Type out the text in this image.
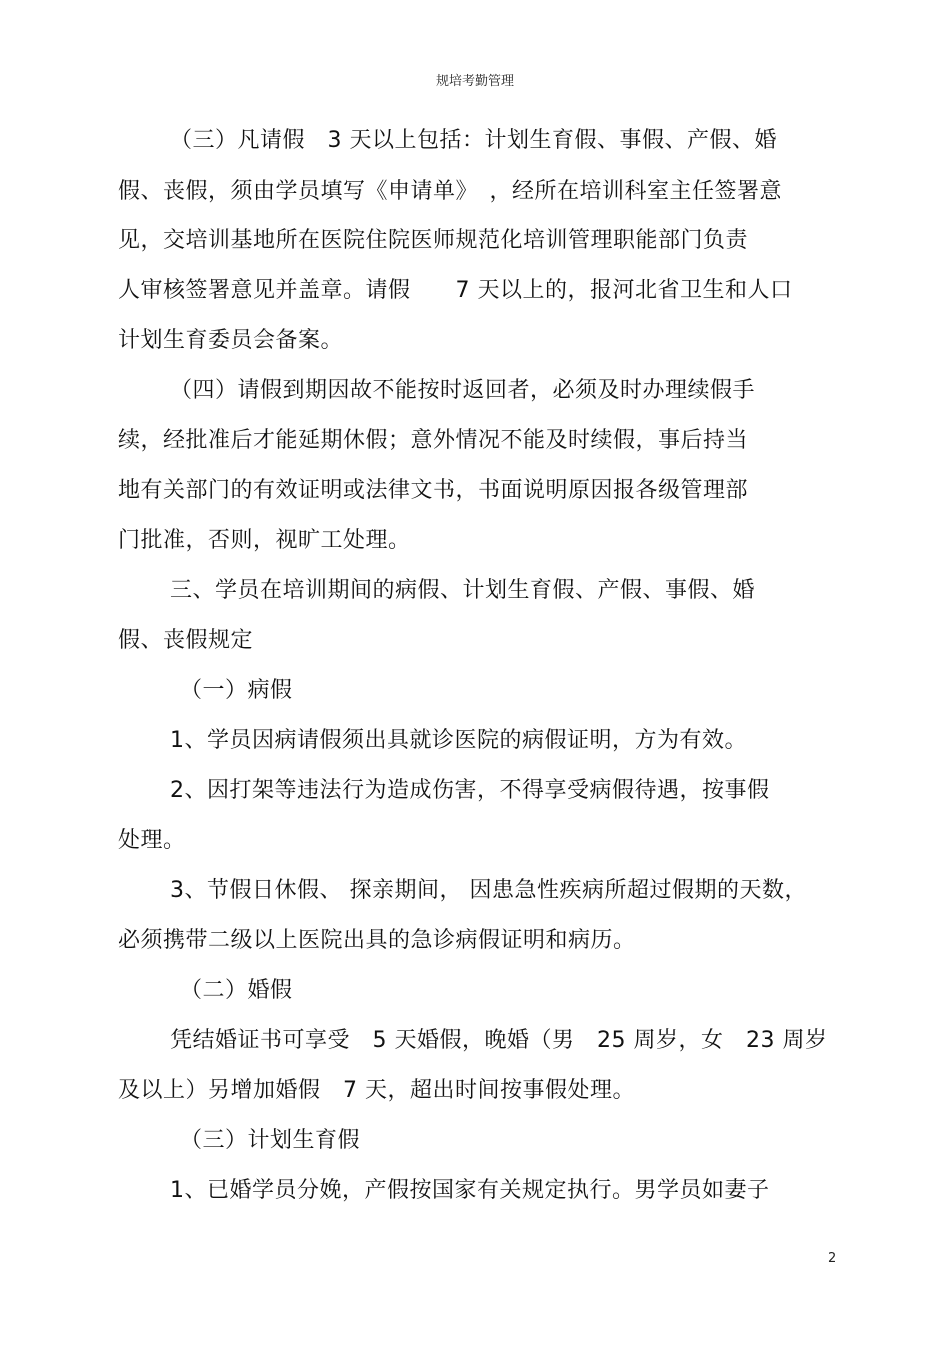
规培考勤管理
（三）凡请假　3 天以上包括：计划生育假、事假、产假、婚
假、丧假，须由学员填写《申请单》　，经所在培训科室主任签署意
见，交培训基地所在医院住院医师规范化培训管理职能部门负责
人审核签署意见并盖章。请假　　7 天以上的，报河北省卫生和人口
计划生育委员会备案。
（四）请假到期因故不能按时返回者，必须及时办理续假手
续，经批准后才能延期休假；意外情况不能及时续假，事后持当
地有关部门的有效证明或法律文书，书面说明原因报各级管理部
门批准，否则，视旷工处理。
三、学员在培训期间的病假、计划生育假、产假、事假、婚
假、丧假规定
（一）病假
1、学员因病请假须出具就诊医院的病假证明，方为有效。
2、因打架等违法行为造成伤害，不得享受病假待遇，按事假
处理。
3、节假日休假、 探亲期间， 因患急性疾病所超过假期的天数，
必须携带二级以上医院出具的急诊病假证明和病历。
（二）婚假
凭结婚证书可享受　5 天婚假，晚婚（男　25 周岁，女　23 周岁
及以上）另增加婚假　7 天，超出时间按事假处理。
（三）计划生育假
1、已婚学员分娩，产假按国家有关规定执行。男学员如妻子
2
